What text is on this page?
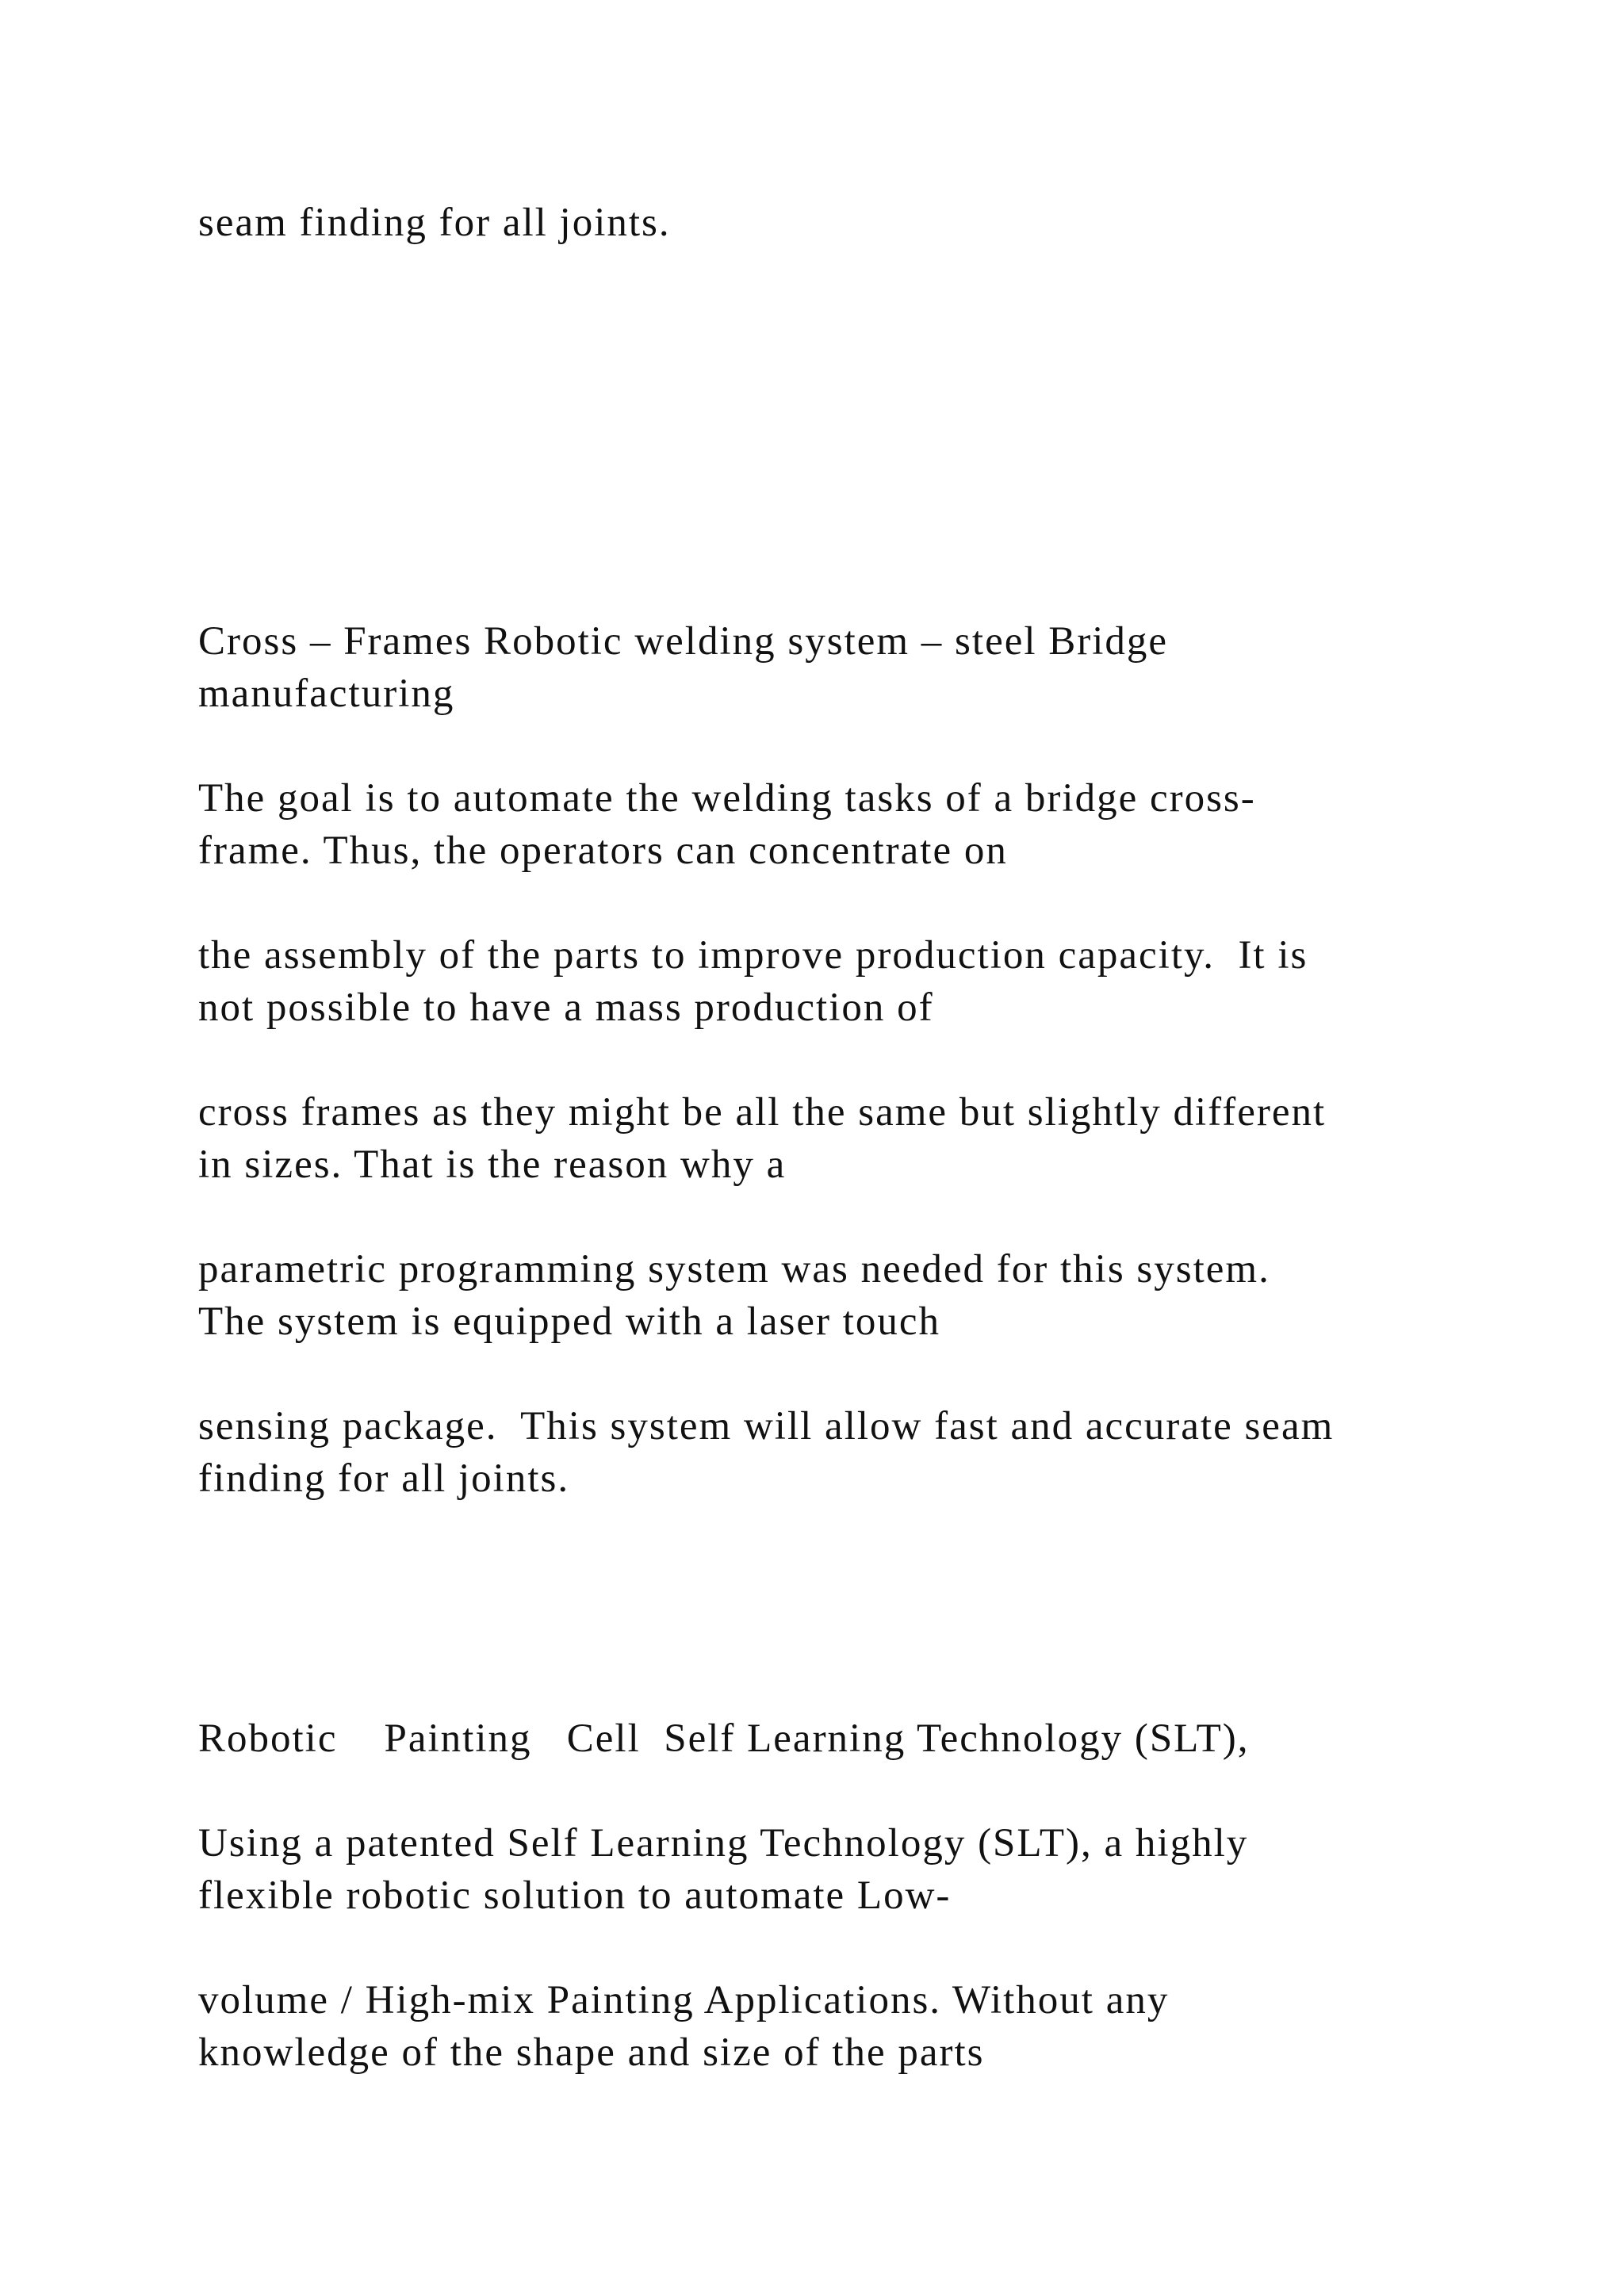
seam finding for all joints.

Cross – Frames Robotic welding system – steel Bridge

manufacturing

The goal is to automate the welding tasks of a bridge cross-

frame. Thus, the operators can concentrate on

the assembly of the parts to improve production capacity.  It is

not possible to have a mass production of

cross frames as they might be all the same but slightly different

in sizes. That is the reason why a

parametric programming system was needed for this system.

The system is equipped with a laser touch

sensing package.  This system will allow fast and accurate seam

finding for all joints.

Robotic    Painting   Cell  Self Learning Technology (SLT),

Using a patented Self Learning Technology (SLT), a highly

flexible robotic solution to automate Low-

volume / High-mix Painting Applications. Without any

knowledge of the shape and size of the parts
